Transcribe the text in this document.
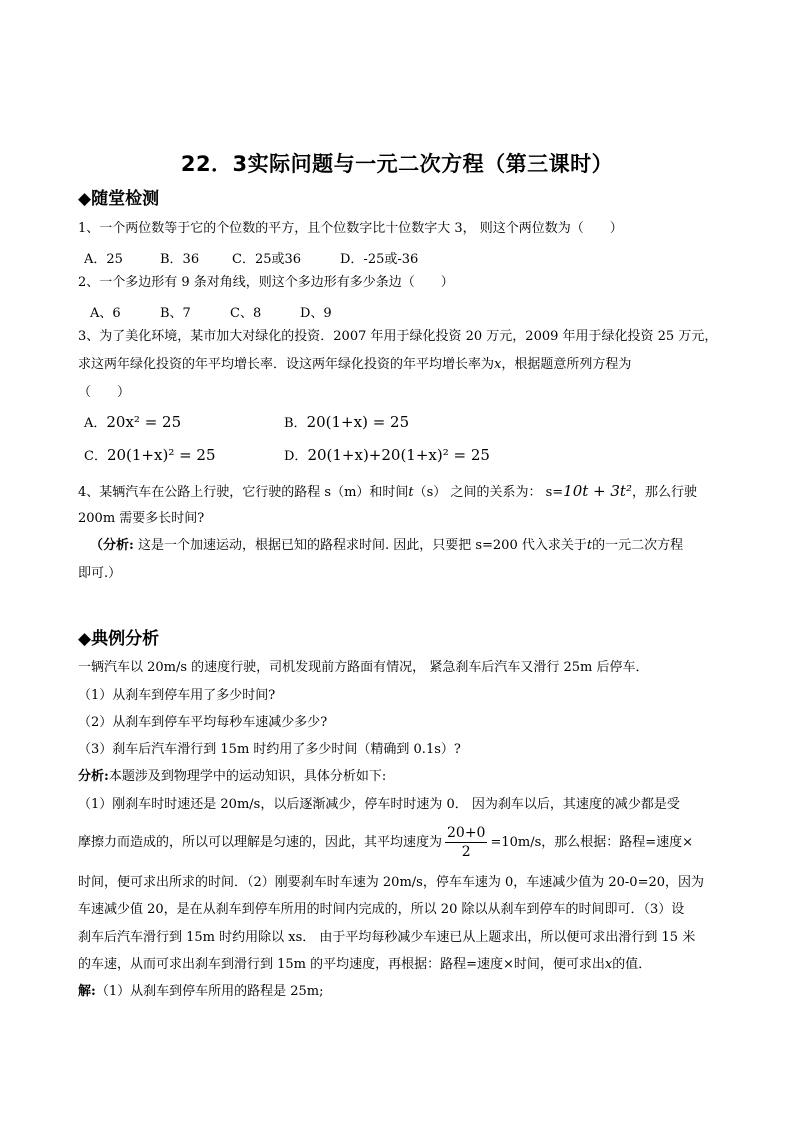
22．3实际问题与一元二次方程（第三课时）
◆随堂检测
1、一个两位数等于它的个位数的平方，且个位数字比十位数字大 3， 则这个两位数为（　　）
A．25	B．36	C．25或36	D．-25或-36
2、一个多边形有 9 条对角线，则这个多边形有多少条边（　　）
A、6	B、7	C、8	D、9
3、为了美化环境，某市加大对绿化的投资．2007 年用于绿化投资 20 万元，2009 年用于绿化投资 25 万元，
求这两年绿化投资的年平均增长率．设这两年绿化投资的年平均增长率为x，根据题意所列方程为
（　　）
A．20x² = 25	B．20(1+x) = 25
C．20(1+x)² = 25	D．20(1+x)+20(1+x)² = 25
4、某辆汽车在公路上行驶，它行驶的路程 s（m）和时间t（s） 之间的关系为： s=10t + 3t²，那么行驶
200m 需要多长时间?
（分析: 这是一个加速运动，根据已知的路程求时间. 因此，只要把 s=200 代入求关于t的一元二次方程
即可.）
◆典例分析
一辆汽车以 20m/s 的速度行驶，司机发现前方路面有情况， 紧急刹车后汽车又滑行 25m 后停车．
（1）从刹车到停车用了多少时间?
（2）从刹车到停车平均每秒车速减少多少?
（3）刹车后汽车滑行到 15m 时约用了多少时间（精确到 0.1s）?
分析:本题涉及到物理学中的运动知识，具体分析如下:
（1）刚刹车时时速还是 20m/s，以后逐渐减少，停车时时速为 0． 因为刹车以后，其速度的减少都是受
摩擦力而造成的，所以可以理解是匀速的，因此，其平均速度为 $\frac{20+0}{2} =10m/s$，那么根据：路程=速度×
时间，便可求出所求的时间．（2）刚要刹车时车速为 20m/s，停车车速为 0，车速减少值为 20-0=20，因为
车速减少值 20，是在从刹车到停车所用的时间内完成的，所以 20 除以从刹车到停车的时间即可．（3）设
刹车后汽车滑行到 15m 时约用除以 xs． 由于平均每秒减少车速已从上题求出，所以便可求出滑行到 15 米
的车速，从而可求出刹车到滑行到 15m 的平均速度，再根据：路程=速度×时间，便可求出x的值．
解:（1）从刹车到停车所用的路程是 25m;
